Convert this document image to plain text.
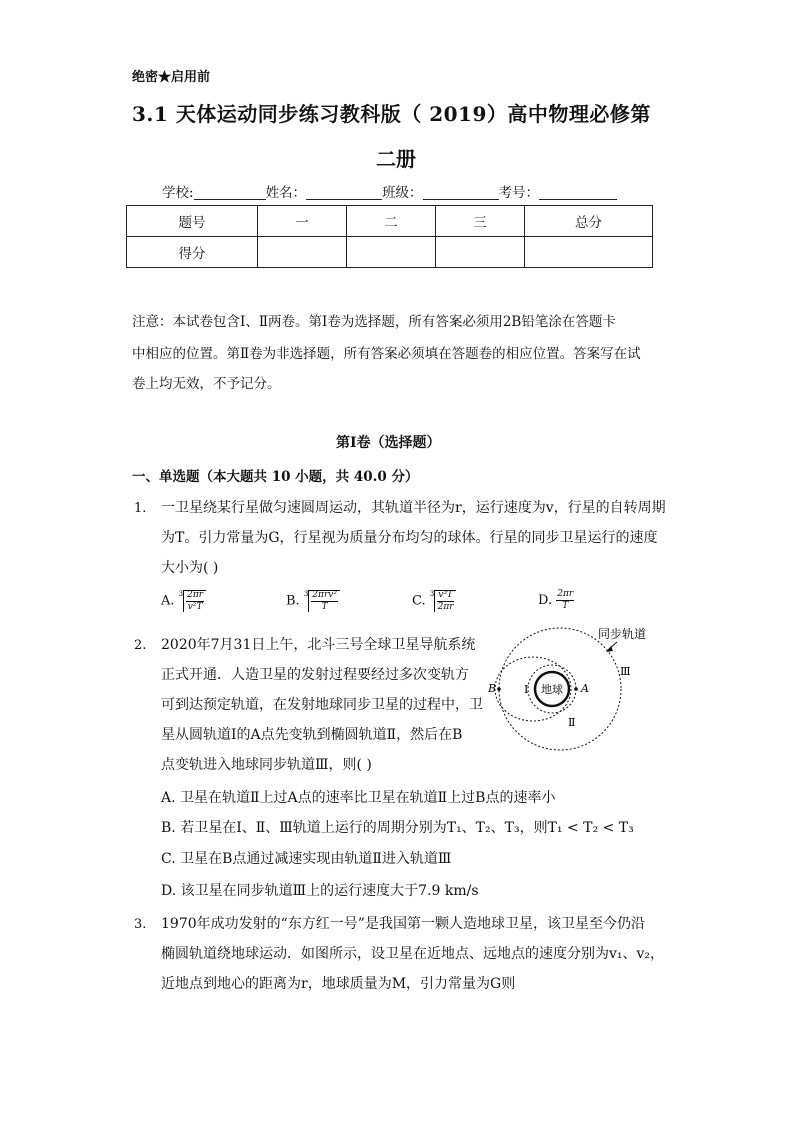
绝密★启用前
3.1 天体运动同步练习教科版（ 2019）高中物理必修第
二册
学校:	姓名：	班级：	考号：
题号	一	二	三	总分
得分				
注意：本试卷包含Ⅰ、Ⅱ两卷。第Ⅰ卷为选择题，所有答案必须用2B铅笔涂在答题卡
中相应的位置。第Ⅱ卷为非选择题，所有答案必须填在答题卷的相应位置。答案写在试
卷上均无效，不予记分。
第Ⅰ卷（选择题）
一、单选题（本大题共 10 小题，共 40.0 分）
1. 一卫星绕某行星做匀速圆周运动，其轨道半径为r，运行速度为v，行星的自转周期
为T。引力常量为G，行星视为质量分布均匀的球体。行星的同步卫星运行的速度
大小为( )
A. $^3 \frac{2\pi r}{\text{v²T}}$	B. $^3 \frac{\text{2πrv²}}{T}$	C. $^3 \frac{\text{v³T}}{2\pi r}$	D. $\frac{2\pi r}{T}$
2. 2020年7月31日上午，北斗三号全球卫星导航系统
正式开通．人造卫星的发射过程要经过多次变轨方
可到达预定轨道，在发射地球同步卫星的过程中，卫
星从圆轨道Ⅰ的A点先变轨到椭圆轨道Ⅱ，然后在B
点变轨进入地球同步轨道Ⅲ，则( )
地球
B	A
Ⅰ
Ⅱ
Ⅲ
同步轨道
A. 卫星在轨道Ⅱ上过A点的速率比卫星在轨道Ⅱ上过B点的速率小
B. 若卫星在Ⅰ、Ⅱ、Ⅲ轨道上运行的周期分别为T₁、T₂、T₃，则T₁ < T₂ < T₃
C. 卫星在B点通过减速实现由轨道Ⅱ进入轨道Ⅲ
D. 该卫星在同步轨道Ⅲ上的运行速度大于7.9 km/s
3. 1970年成功发射的“东方红一号”是我国第一颗人造地球卫星，该卫星至今仍沿
椭圆轨道绕地球运动．如图所示，设卫星在近地点、远地点的速度分别为v₁、v₂，
近地点到地心的距离为r，地球质量为M，引力常量为G则
